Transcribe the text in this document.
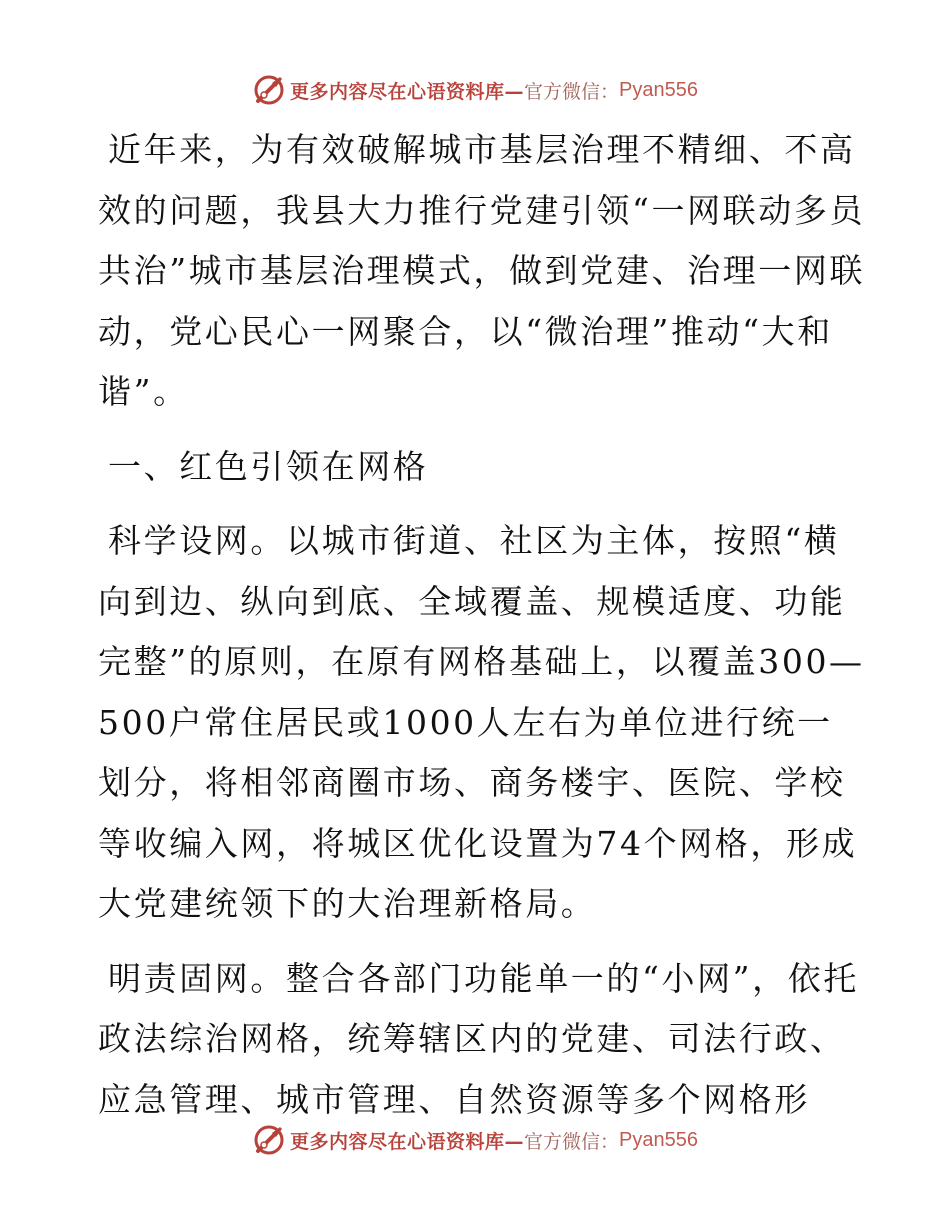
更多内容尽在心语资料库— 官方微信： Pyan556

近年来，为有效破解城市基层治理不精细、不高效的问题，我县大力推行党建引领“一网联动多员共治”城市基层治理模式，做到党建、治理一网联动，党心民心一网聚合，以“微治理”推动“大和谐”。

一、红色引领在网格

科学设网。以城市街道、社区为主体，按照“横向到边、纵向到底、全域覆盖、规模适度、功能完整”的原则，在原有网格基础上，以覆盖300—500户常住居民或1000人左右为单位进行统一划分，将相邻商圈市场、商务楼宇、医院、学校等收编入网，将城区优化设置为74个网格，形成大党建统领下的大治理新格局。

明责固网。整合各部门功能单一的“小网”，依托政法综治网格，统筹辖区内的党建、司法行政、应急管理、城市管理、自然资源等多个网格形

更多内容尽在心语资料库— 官方微信： Pyan556
